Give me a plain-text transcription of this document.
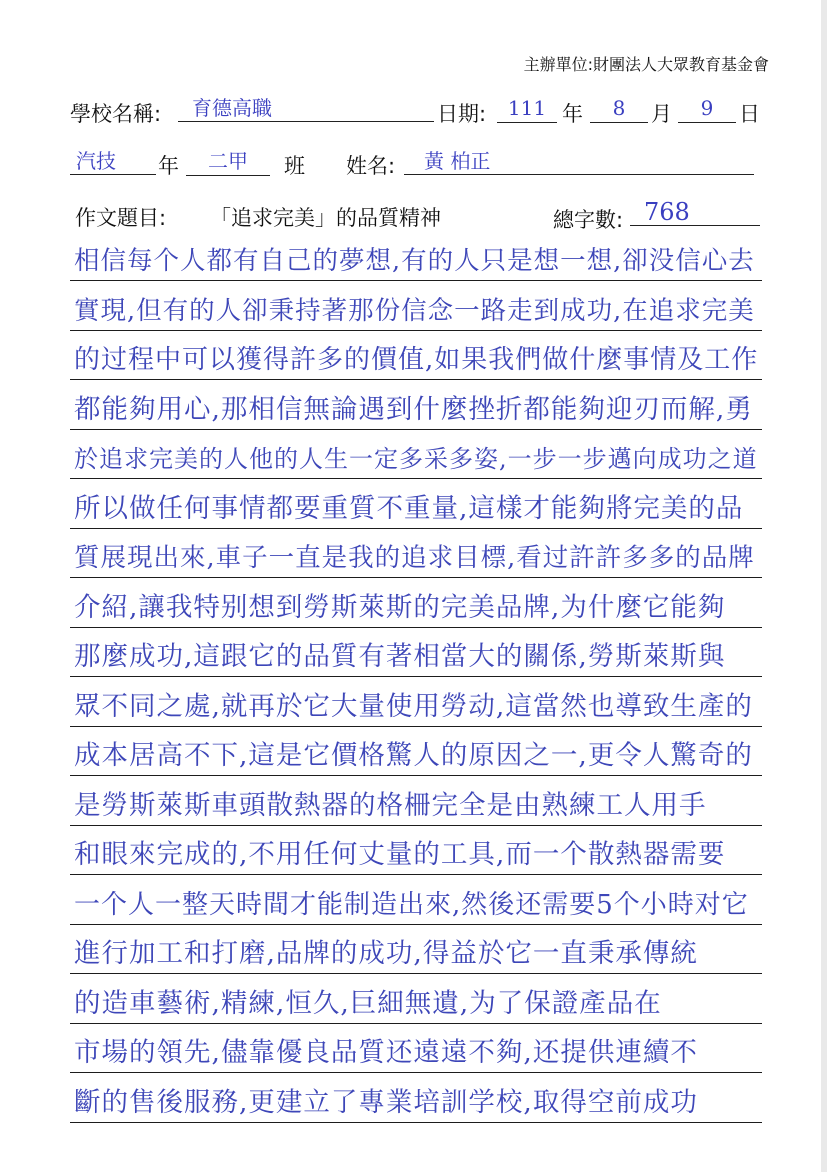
主辦單位:財團法人大眾教育基金會
學校名稱:	育德高職	日期:	111 年	8	月	9	日
汽技	年	二甲	班 姓名:	黃 柏正
作文題目: 「追求完美」的品質精神	總字數: 768
相信每个人都有自己的夢想,有的人只是想一想,卻没信心去
實現,但有的人卻秉持著那份信念一路走到成功,在追求完美
的过程中可以獲得許多的價值,如果我們做什麼事情及工作
都能夠用心,那相信無論遇到什麼挫折都能夠迎刃而解,勇
於追求完美的人他的人生一定多采多姿,一步一步邁向成功之道
所以做任何事情都要重質不重量,這樣才能夠將完美的品
質展現出來,車子一直是我的追求目標,看过許許多多的品牌
介紹,讓我特别想到勞斯萊斯的完美品牌,为什麼它能夠
那麼成功,這跟它的品質有著相當大的關係,勞斯萊斯與
眾不同之處,就再於它大量使用勞动,這當然也導致生產的
成本居高不下,這是它價格驚人的原因之一,更令人驚奇的
是勞斯萊斯車頭散熱器的格柵完全是由熟練工人用手
和眼來完成的,不用任何丈量的工具,而一个散熱器需要
一个人一整天時間才能制造出來,然後还需要5个小時对它
進行加工和打磨,品牌的成功,得益於它一直秉承傳統
的造車藝術,精練,恒久,巨細無遺,为了保證產品在
市場的領先,儘靠優良品質还遠遠不夠,还提供連續不
斷的售後服務,更建立了專業培訓学校,取得空前成功
